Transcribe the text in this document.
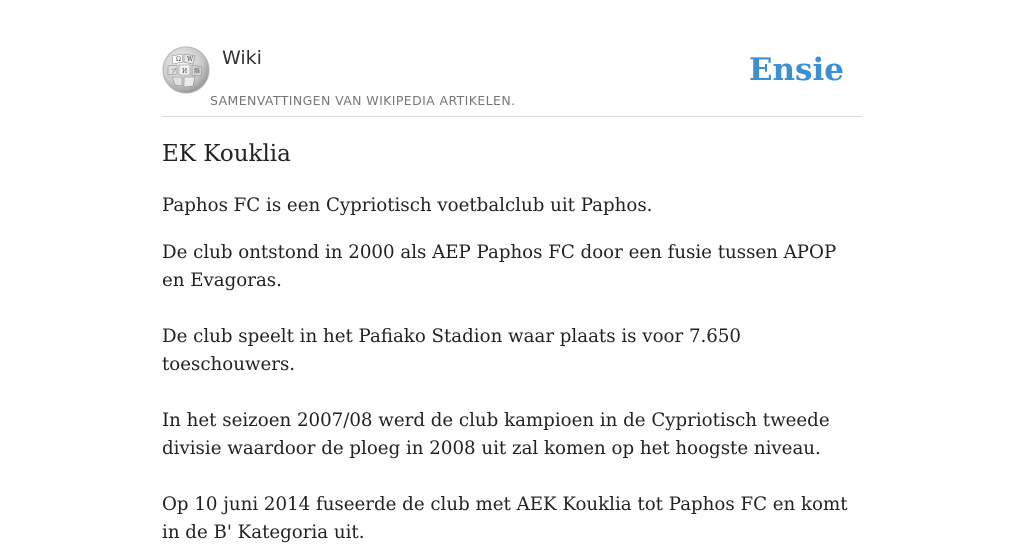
Ω W
И
ア	維
Wiki
SAMENVATTINGEN VAN WIKIPEDIA ARTIKELEN.
Ensie
EK Kouklia

Paphos FC is een Cypriotisch voetbalclub uit Paphos.

De club ontstond in 2000 als AEP Paphos FC door een fusie tussen APOP en Evagoras.

De club speelt in het Pafiako Stadion waar plaats is voor 7.650 toeschouwers.

In het seizoen 2007/08 werd de club kampioen in de Cypriotisch tweede divisie waardoor de ploeg in 2008 uit zal komen op het hoogste niveau.

Op 10 juni 2014 fuseerde de club met AEK Kouklia tot Paphos FC en komt in de B' Kategoria uit.
